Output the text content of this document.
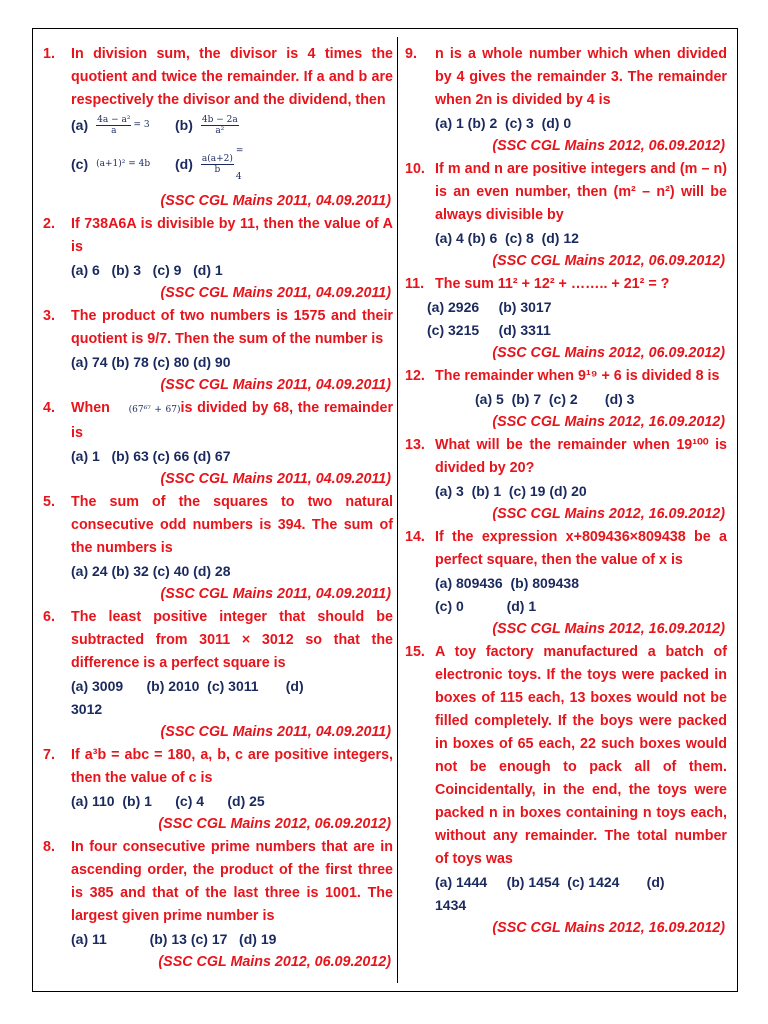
1.	In division sum, the divisor is 4 times the quotient and twice the remainder. If a and b are respectively the divisor and the dividend, then
$(a) \frac{\text{4a − a²}}{a} = 3$ (b) 4b − 2a
a²
(c) (a+1)² = 4b $(d) \frac{a(a+2)}{b}$
= 4
(SSC CGL Mains 2011, 04.09.2011)
2.	If 738A6A is divisible by 11, then the value of A is
(a) 6   (b) 3   (c) 9   (d) 1
(SSC CGL Mains 2011, 04.09.2011)
3.	The product of two numbers is 1575 and their quotient is 9/7. Then the sum of the number is
(a) 74 (b) 78 (c) 80 (d) 90
(SSC CGL Mains 2011, 04.09.2011)
4.	When (67⁶⁷ + 67)is divided by 68, the remainder is
(a) 1   (b) 63 (c) 66 (d) 67
(SSC CGL Mains 2011, 04.09.2011)
5.	The sum of the squares to two natural consecutive odd numbers is 394. The sum of the numbers is
(a) 24 (b) 32 (c) 40 (d) 28
(SSC CGL Mains 2011, 04.09.2011)
6.	The least positive integer that should be subtracted from 3011 × 3012 so that the difference is a perfect square is
(a) 3009      (b) 2010  (c) 3011       (d)
3012
(SSC CGL Mains 2011, 04.09.2011)
7.	If a³b = abc = 180, a, b, c are positive integers, then the value of c is
(a) 110  (b) 1      (c) 4      (d) 25
(SSC CGL Mains 2012, 06.09.2012)
8.	In four consecutive prime numbers that are in ascending order, the product of the first three is 385 and that of the last three is 1001. The largest given prime number is
(a) 11           (b) 13 (c) 17   (d) 19
(SSC CGL Mains 2012, 06.09.2012)
9.	n is a whole number which when divided by 4 gives the remainder 3. The remainder when 2n is divided by 4 is
(a) 1 (b) 2  (c) 3  (d) 0
(SSC CGL Mains 2012, 06.09.2012)
10. If m and n are positive integers and (m – n) is an even number, then (m² – n²) will be always divisible by
(a) 4 (b) 6  (c) 8  (d) 12
(SSC CGL Mains 2012, 06.09.2012)
11. The sum 11² + 12² + …….. + 21² = ?
(a) 2926     (b) 3017
(c) 3215     (d) 3311
(SSC CGL Mains 2012, 06.09.2012)
12. The remainder when 9¹⁹ + 6 is divided 8 is
(a) 5  (b) 7  (c) 2       (d) 3
(SSC CGL Mains 2012, 16.09.2012)
13. What will be the remainder when 19¹⁰⁰ is divided by 20?
(a) 3  (b) 1  (c) 19 (d) 20
(SSC CGL Mains 2012, 16.09.2012)
14. If the expression x+809436×809438 be a perfect square, then the value of x is
(a) 809436  (b) 809438
(c) 0           (d) 1
(SSC CGL Mains 2012, 16.09.2012)
15. A toy factory manufactured a batch of electronic toys. If the toys were packed in boxes of 115 each, 13 boxes would not be filled completely. If the boys were packed in boxes of 65 each, 22 such boxes would not be enough to pack all of them. Coincidentally, in the end, the toys were packed n in boxes containing n toys each, without any remainder. The total number of toys was
(a) 1444     (b) 1454  (c) 1424       (d)
1434
(SSC CGL Mains 2012, 16.09.2012)
